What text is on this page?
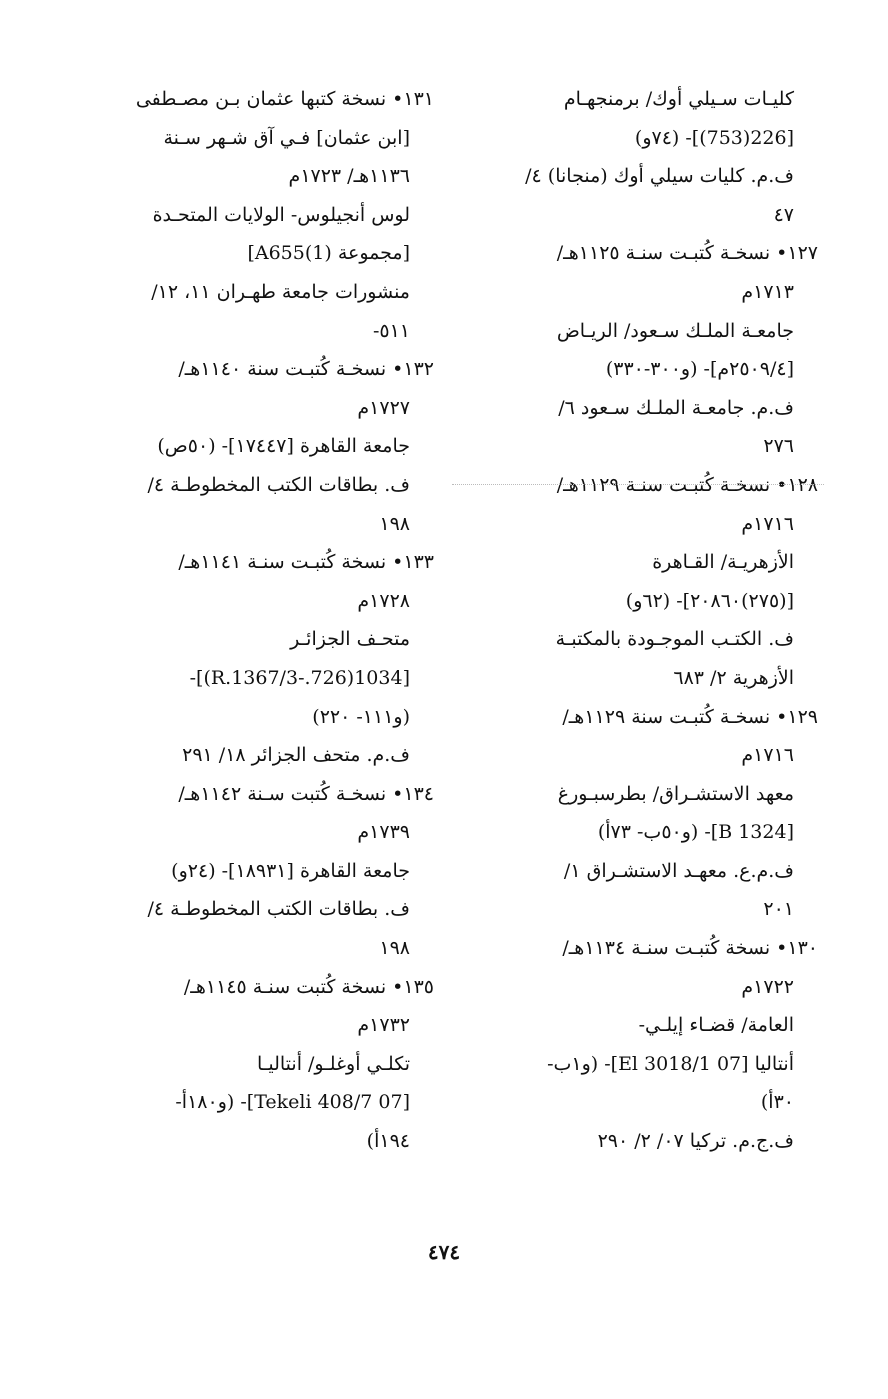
كليـات سـيلي أوك/ برمنجهـام
[226(753)]- (٧٤و)
ف.م. كليات سيلي أوك (منجانا) ٤/
٤٧
١٢٧• نسخـة كُتبـت سنـة ١١٢٥هـ/
١٧١٣م
جامعـة الملـك سـعود/ الريـاض
[٢٥٠٩/٤م]- (و٣٠٠-٣٣٠)
ف.م. جامعـة الملـك سـعود ٦/
٢٧٦
١٢٨• نسخـة كُتبـت سنـة ١١٢٩هـ/
١٧١٦م
الأزهريـة/ القـاهرة
[(٢٧٥)٢٠٨٦٠]- (٦٢و)
ف. الكتـب الموجـودة بالمكتبـة
الأزهرية ٢/ ٦٨٣
١٢٩• نسخـة كُتبـت سنة ١١٢٩هـ/
١٧١٦م
معهد الاستشـراق/ بطرسبـورغ
[B 1324]- (و٥٠ب- ٧٣أ)
ف.م.ع. معهـد الاستشـراق ١/
٢٠١
١٣٠• نسخة كُتبـت سنـة ١١٣٤هـ/
١٧٢٢م
العامة/ قضـاء إيلـي-
أنتاليا [07 El 3018/1]- (و١ب-
٣٠أ)
ف.ج.م. تركيا ٠٧/ ٢/ ٢٩٠
١٣١• نسخة كتبها عثمان بـن مصـطفى
[ابن عثمان] فـي آق شـهر سـنة
١١٣٦هـ/ ١٧٢٣م
لوس أنجيلوس- الولايات المتحـدة
[مجموعة A655(1)]
منشورات جامعة طهـران ١١، ١٢/
٥١١-
١٣٢• نسخـة كُتبـت سنة ١١٤٠هـ/
١٧٢٧م
جامعة القاهرة [١٧٤٤٧]- (٥٠ص)
ف. بطاقات الكتب المخطوطـة ٤/
١٩٨
١٣٣• نسخة كُتبـت سنـة ١١٤١هـ/
١٧٢٨م
متحـف الجزائـر
[1034(726.-R.1367/3)]-
(و١١١- ٢٢٠)
ف.م. متحف الجزائر ١٨/ ٢٩١
١٣٤• نسخـة كُتبت سـنة ١١٤٢هـ/
١٧٣٩م
جامعة القاهرة [١٨٩٣١]- (٢٤و)
ف. بطاقات الكتب المخطوطـة ٤/
١٩٨
١٣٥• نسخة كُتبت سنـة ١١٤٥هـ/
١٧٣٢م
تكلـي أوغلـو/ أنتاليـا
[07 Tekeli 408/7]- (و١٨٠أ-
١٩٤أ)
٤٧٤
